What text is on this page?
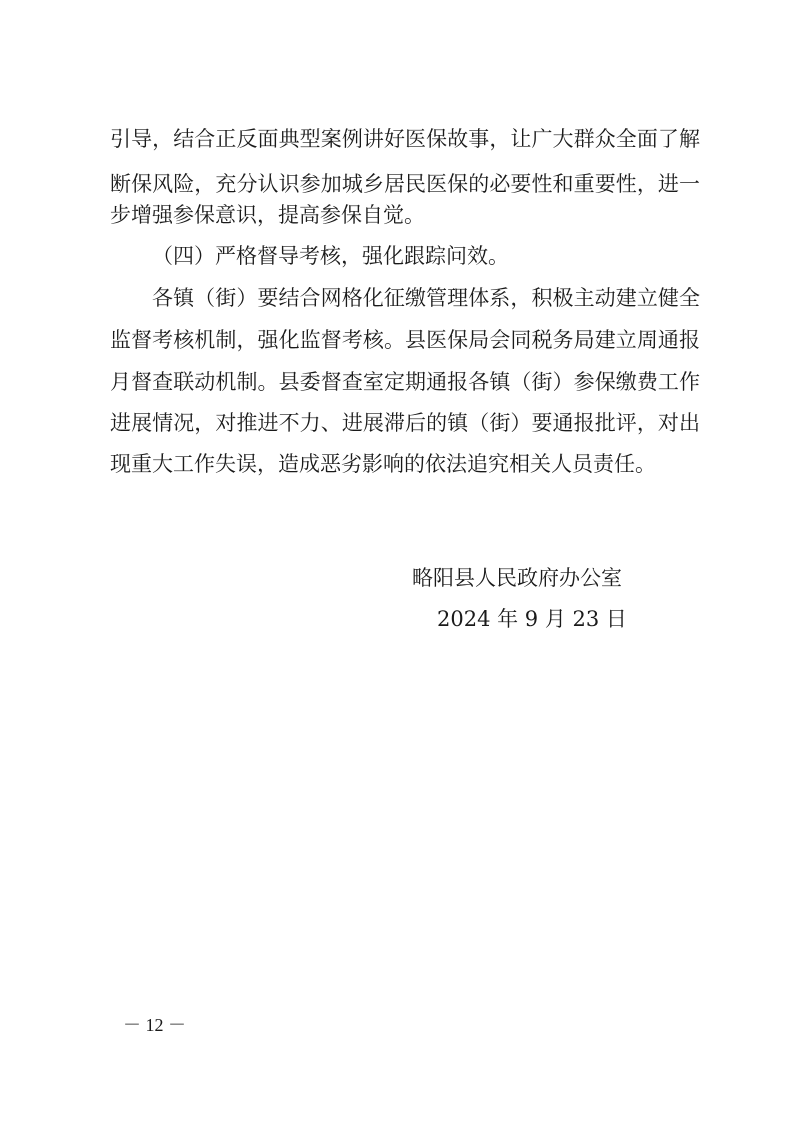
引导，结合正反面典型案例讲好医保故事，让广大群众全面了解
断保风险，充分认识参加城乡居民医保的必要性和重要性，进一
步增强参保意识，提高参保自觉。
（四）严格督导考核，强化跟踪问效。
各镇（街）要结合网格化征缴管理体系，积极主动建立健全
监督考核机制，强化监督考核。县医保局会同税务局建立周通报
月督查联动机制。县委督查室定期通报各镇（街）参保缴费工作
进展情况，对推进不力、进展滞后的镇（街）要通报批评，对出
现重大工作失误，造成恶劣影响的依法追究相关人员责任。
略阳县人民政府办公室
2024 年 9 月 23 日
－ 12 －
